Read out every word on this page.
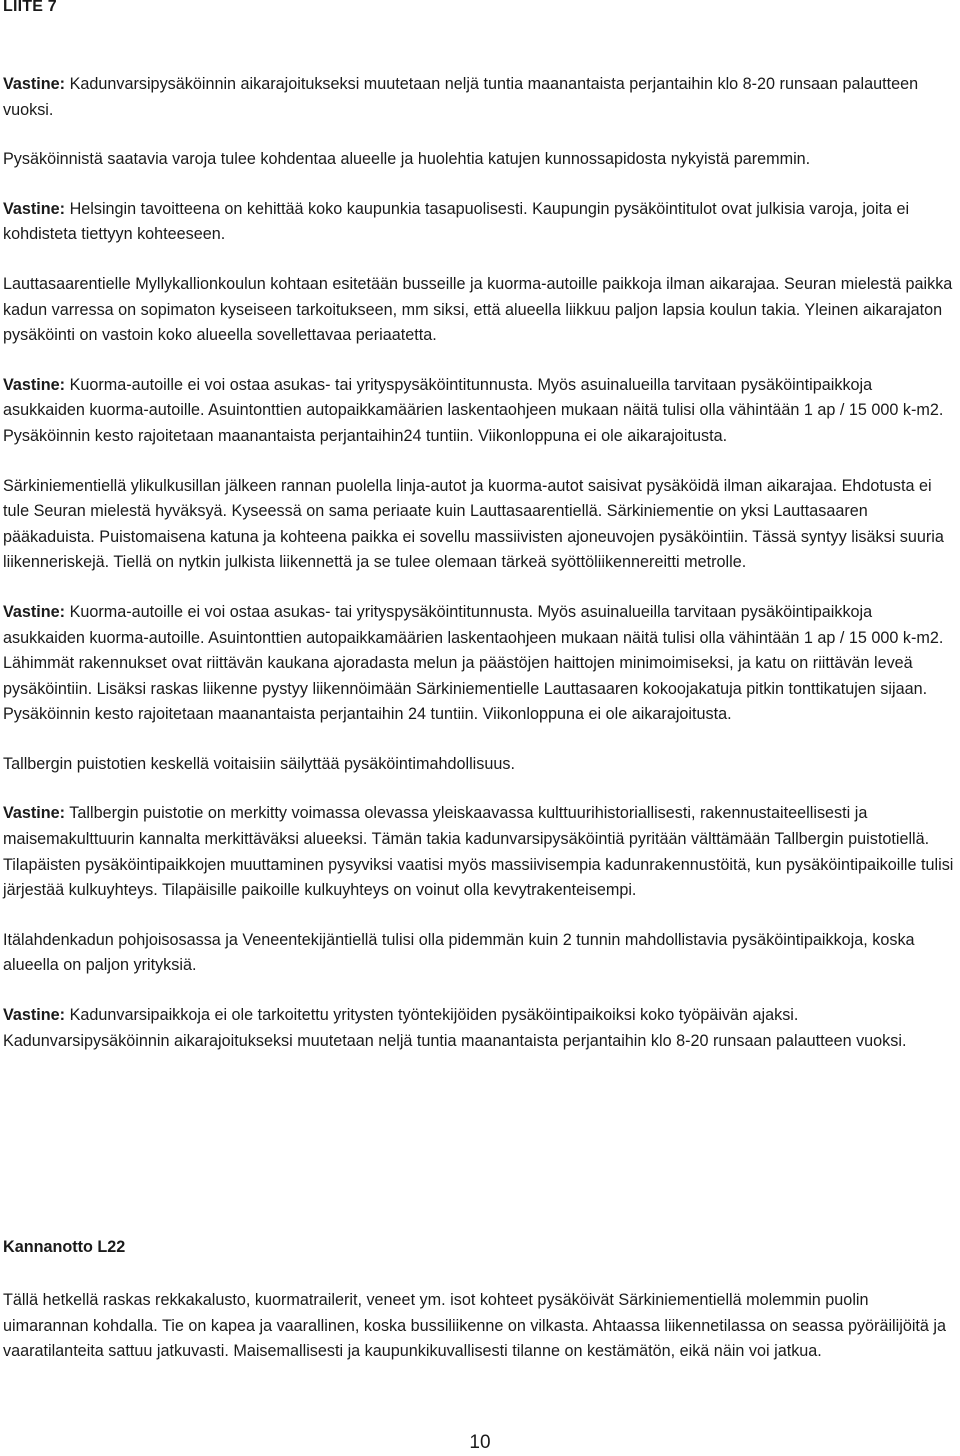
LIITE 7

Vastine: Kadunvarsipysäköinnin aikarajoitukseksi muutetaan neljä tuntia maanantaista perjantaihin klo 8-20 runsaan palautteen vuoksi.

Pysäköinnistä saatavia varoja tulee kohdentaa alueelle ja huolehtia katujen kunnossapidosta nykyistä paremmin.

Vastine: Helsingin tavoitteena on kehittää koko kaupunkia tasapuolisesti. Kaupungin pysäköintitulot ovat julkisia varoja, joita ei kohdisteta tiettyyn kohteeseen.

Lauttasaarentielle Myllykallionkoulun kohtaan esitetään busseille ja kuorma-autoille paikkoja ilman aikarajaa. Seuran mielestä paikka kadun varressa on sopimaton kyseiseen tarkoitukseen, mm siksi, että alueella liikkuu paljon lapsia koulun takia. Yleinen aikarajaton pysäköinti on vastoin koko alueella sovellettavaa periaatetta.

Vastine: Kuorma-autoille ei voi ostaa asukas- tai yrityspysäköintitunnusta. Myös asuinalueilla tarvitaan pysäköintipaikkoja asukkaiden kuorma-autoille. Asuintonttien autopaikkamäärien laskentaohjeen mukaan näitä tulisi olla vähintään 1 ap / 15 000 k-m2. Pysäköinnin kesto rajoitetaan maanantaista perjantaihin24 tuntiin. Viikonloppuna ei ole aikarajoitusta.

Särkiniementiellä ylikulkusillan jälkeen rannan puolella linja-autot ja kuorma-autot saisivat pysäköidä ilman aikarajaa. Ehdotusta ei tule Seuran mielestä hyväksyä. Kyseessä on sama periaate kuin Lauttasaarentiellä. Särkiniementie on yksi Lauttasaaren pääkaduista. Puistomaisena katuna ja kohteena paikka ei sovellu massiivisten ajoneuvojen pysäköintiin. Tässä syntyy lisäksi suuria liikenneriskejä. Tiellä on nytkin julkista liikennettä ja se tulee olemaan tärkeä syöttöliikennereitti metrolle.

Vastine: Kuorma-autoille ei voi ostaa asukas- tai yrityspysäköintitunnusta. Myös asuinalueilla tarvitaan pysäköintipaikkoja asukkaiden kuorma-autoille. Asuintonttien autopaikkamäärien laskentaohjeen mukaan näitä tulisi olla vähintään 1 ap / 15 000 k-m2. Lähimmät rakennukset ovat riittävän kaukana ajoradasta melun ja päästöjen haittojen minimoimiseksi, ja katu on riittävän leveä pysäköintiin. Lisäksi raskas liikenne pystyy liikennöimään Särkiniementielle Lauttasaaren kokoojakatuja pitkin tonttikatujen sijaan. Pysäköinnin kesto rajoitetaan maanantaista perjantaihin 24 tuntiin. Viikonloppuna ei ole aikarajoitusta.

Tallbergin puistotien keskellä voitaisiin säilyttää pysäköintimahdollisuus.

Vastine: Tallbergin puistotie on merkitty voimassa olevassa yleiskaavassa kulttuurihistoriallisesti, rakennustaiteellisesti ja maisemakulttuurin kannalta merkittäväksi alueeksi. Tämän takia kadunvarsipysäköintiä pyritään välttämään Tallbergin puistotiellä. Tilapäisten pysäköintipaikkojen muuttaminen pysyviksi vaatisi myös massiivisempia kadunrakennustöitä, kun pysäköintipaikoille tulisi järjestää kulkuyhteys. Tilapäisille paikoille kulkuyhteys on voinut olla kevytrakenteisempi.

Itälahdenkadun pohjoisosassa ja Veneentekijäntiellä tulisi olla pidemmän kuin 2 tunnin mahdollistavia pysäköintipaikkoja, koska alueella on paljon yrityksiä.

Vastine: Kadunvarsipaikkoja ei ole tarkoitettu yritysten työntekijöiden pysäköintipaikoiksi koko työpäivän ajaksi. Kadunvarsipysäköinnin aikarajoitukseksi muutetaan neljä tuntia maanantaista perjantaihin klo 8-20 runsaan palautteen vuoksi.

Kannanotto L22

Tällä hetkellä raskas rekkakalusto, kuormatrailerit, veneet ym. isot kohteet pysäköivät Särkiniementiellä molemmin puolin uimarannan kohdalla. Tie on kapea ja vaarallinen, koska bussiliikenne on vilkasta. Ahtaassa liikennetilassa on seassa pyöräilijöitä ja vaaratilanteita sattuu jatkuvasti. Maisemallisesti ja kaupunkikuvallisesti tilanne on kestämätön, eikä näin voi jatkua.

10
